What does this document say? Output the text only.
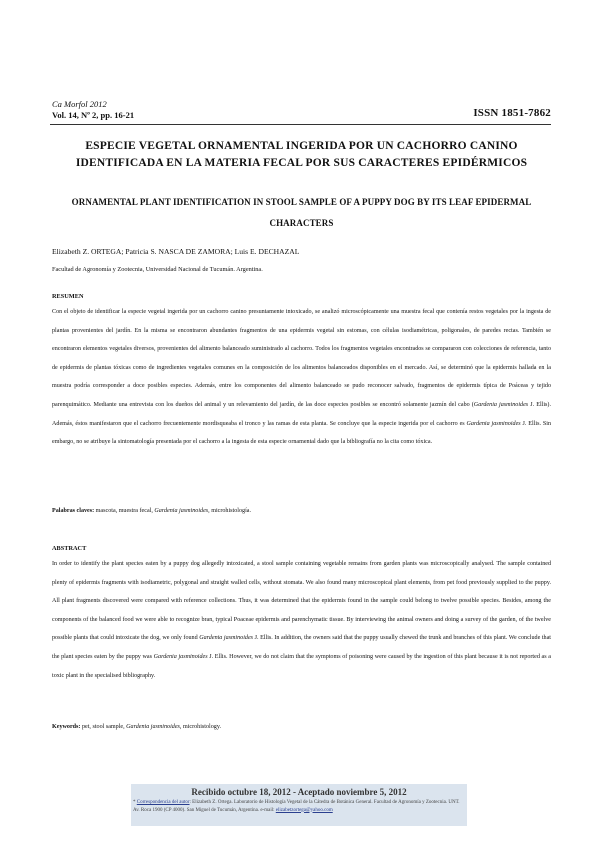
Ca Morfol 2012
Vol. 14, Nº 2, pp. 16-21	ISSN 1851-7862
ESPECIE VEGETAL ORNAMENTAL INGERIDA POR UN CACHORRO CANINO IDENTIFICADA EN LA MATERIA FECAL POR SUS CARACTERES EPIDÉRMICOS
ORNAMENTAL PLANT IDENTIFICATION IN STOOL SAMPLE OF A PUPPY DOG BY ITS LEAF EPIDERMAL CHARACTERS
Elizabeth Z. ORTEGA; Patricia S. NASCA DE ZAMORA; Luis E. DECHAZAL
Facultad de Agronomía y Zootecnia, Universidad Nacional de Tucumán. Argentina.
RESUMEN
Con el objeto de identificar la especie vegetal ingerida por un cachorro canino presuntamente intoxicado, se analizó microscópicamente una muestra fecal que contenía restos vegetales por la ingesta de plantas provenientes del jardín. En la misma se encontraron abundantes fragmentos de una epidermis vegetal sin estomas, con células isodiamétricas, poligonales, de paredes rectas. También se encontraron elementos vegetales diversos, provenientes del alimento balanceado suministrado al cachorro. Todos los fragmentos vegetales encontrados se compararon con colecciones de referencia, tanto de epidermis de plantas tóxicas como de ingredientes vegetales comunes en la composición de los alimentos balanceados disponibles en el mercado. Así, se determinó que la epidermis hallada en la muestra podría corresponder a doce posibles especies. Además, entre los componentes del alimento balanceado se pudo reconocer salvado, fragmentos de epidermis típica de Poáceas y tejido parenquimático. Mediante una entrevista con los dueños del animal y un relevamiento del jardín, de las doce especies posibles se encontró solamente jazmín del cabo (Gardenia jasminoides J. Ellis). Además, éstos manifestaron que el cachorro frecuentemente mordisqueaba el tronco y las ramas de esta planta. Se concluye que la especie ingerida por el cachorro es Gardenia jasminoides J. Ellis. Sin embargo, no se atribuye la sintomatología presentada por el cachorro a la ingesta de esta especie ornamental dado que la bibliografía no la cita como tóxica.
Palabras claves: mascota, muestra fecal, Gardenia jasminoides, microhistología.
ABSTRACT
In order to identify the plant species eaten by a puppy dog allegedly intoxicated, a stool sample containing vegetable remains from garden plants was microscopically analysed. The sample contained plenty of epidermis fragments with isodiametric, polygonal and straight walled cells, without stomata. We also found many microscopical plant elements, from pet food previously supplied to the puppy. All plant fragments discovered were compared with reference collections. Thus, it was determined that the epidermis found in the sample could belong to twelve possible species. Besides, among the components of the balanced food we were able to recognize bran, typical Poaceae epidermis and parenchymatic tissue. By interviewing the animal owners and doing a survey of the garden, of the twelve possible plants that could intoxicate the dog, we only found Gardenia jasminoides J. Ellis. In addition, the owners said that the puppy usually chewed the trunk and branches of this plant. We conclude that the plant species eaten by the puppy was Gardenia jasminoides J. Ellis. However, we do not claim that the symptoms of poisoning were caused by the ingestion of this plant because it is not reported as a toxic plant in the specialised bibliography.
Keywords: pet, stool sample, Gardenia jasminoides, microhistology.
Recibido octubre 18, 2012 - Aceptado noviembre 5, 2012
* Correspondencia del autor: Elizabeth Z. Ortega. Laboratorio de Histología Vegetal de la Cátedra de Botánica General. Facultad de Agronomía y Zootecnia. UNT. Av. Roca 1900 (CP 4000). San Miguel de Tucumán, Argentina. e-mail: elizabetzortega@yahoo.com
